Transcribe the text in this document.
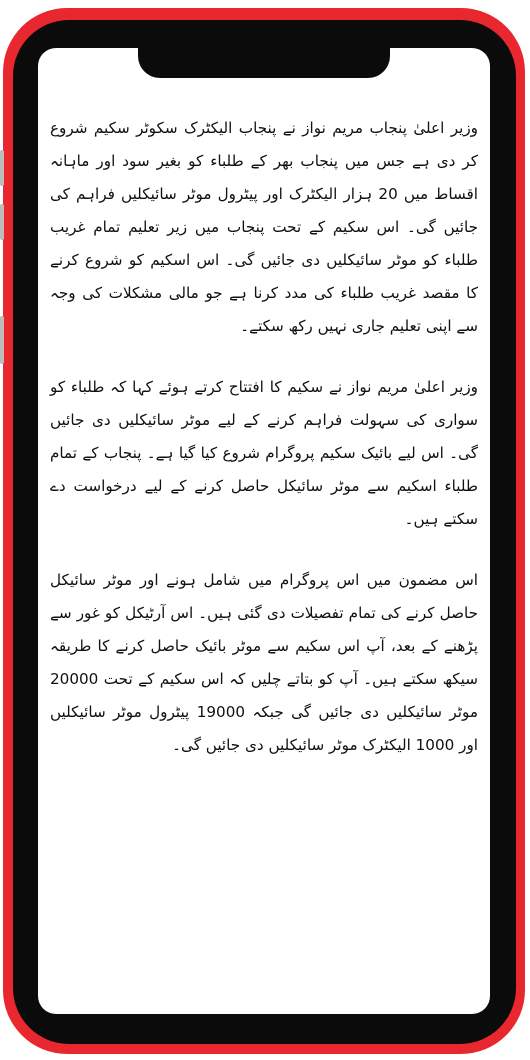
وزیر اعلیٰ پنجاب مریم نواز نے پنجاب الیکٹرک سکوٹر سکیم شروع کر دی ہے جس میں پنجاب بھر کے طلباء کو بغیر سود اور ماہانہ اقساط میں 20 ہزار الیکٹرک اور پیٹرول موٹر سائیکلیں فراہم کی جائیں گی۔ اس سکیم کے تحت پنجاب میں زیر تعلیم تمام غریب طلباء کو موٹر سائیکلیں دی جائیں گی۔ اس اسکیم کو شروع کرنے کا مقصد غریب طلباء کی مدد کرنا ہے جو مالی مشکلات کی وجہ سے اپنی تعلیم جاری نہیں رکھ سکتے۔

وزیر اعلیٰ مریم نواز نے سکیم کا افتتاح کرتے ہوئے کہا کہ طلباء کو سواری کی سہولت فراہم کرنے کے لیے موٹر سائیکلیں دی جائیں گی۔ اس لیے بائیک سکیم پروگرام شروع کیا گیا ہے۔ پنجاب کے تمام طلباء اسکیم سے موٹر سائیکل حاصل کرنے کے لیے درخواست دے سکتے ہیں۔

اس مضمون میں اس پروگرام میں شامل ہونے اور موٹر سائیکل حاصل کرنے کی تمام تفصیلات دی گئی ہیں۔ اس آرٹیکل کو غور سے پڑھنے کے بعد، آپ اس سکیم سے موٹر بائیک حاصل کرنے کا طریقہ سیکھ سکتے ہیں۔ آپ کو بتاتے چلیں کہ اس سکیم کے تحت 20000 موٹر سائیکلیں دی جائیں گی جبکہ 19000 پیٹرول موٹر سائیکلیں اور 1000 الیکٹرک موٹر سائیکلیں دی جائیں گی۔
